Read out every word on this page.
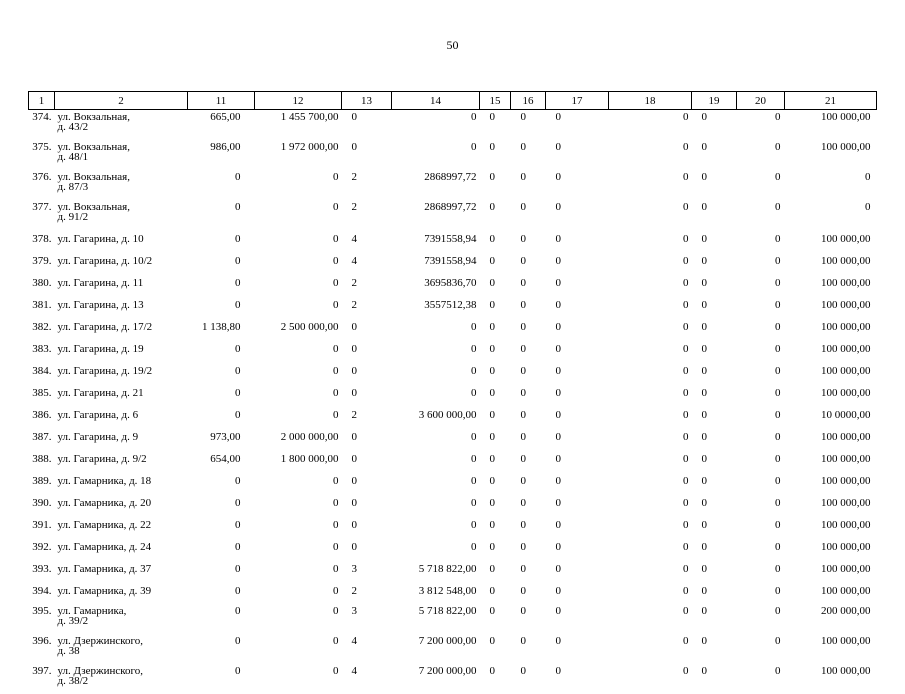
50
1	2	11	12	13	14	15	16	17	18	19	20	21
374.	ул. Вокзальная,
д. 43/2	665,00	1 455 700,00	0	0	0	0	0	0	0	0	100 000,00
375.	ул. Вокзальная,
д. 48/1	986,00	1 972 000,00	0	0	0	0	0	0	0	0	100 000,00
376.	ул. Вокзальная,
д. 87/3	0	0	2	2868997,72	0	0	0	0	0	0	0
377.	ул. Вокзальная,
д. 91/2	0	0	2	2868997,72	0	0	0	0	0	0	0
378.	ул. Гагарина, д. 10	0	0	4	7391558,94	0	0	0	0	0	0	100 000,00
379.	ул. Гагарина, д. 10/2	0	0	4	7391558,94	0	0	0	0	0	0	100 000,00
380.	ул. Гагарина, д. 11	0	0	2	3695836,70	0	0	0	0	0	0	100 000,00
381.	ул. Гагарина, д. 13	0	0	2	3557512,38	0	0	0	0	0	0	100 000,00
382.	ул. Гагарина, д. 17/2	1 138,80	2 500 000,00	0	0	0	0	0	0	0	0	100 000,00
383.	ул. Гагарина, д. 19	0	0	0	0	0	0	0	0	0	0	100 000,00
384.	ул. Гагарина, д. 19/2	0	0	0	0	0	0	0	0	0	0	100 000,00
385.	ул. Гагарина, д. 21	0	0	0	0	0	0	0	0	0	0	100 000,00
386.	ул. Гагарина, д. 6	0	0	2	3 600 000,00	0	0	0	0	0	0	10 0000,00
387.	ул. Гагарина, д. 9	973,00	2 000 000,00	0	0	0	0	0	0	0	0	100 000,00
388.	ул. Гагарина, д. 9/2	654,00	1 800 000,00	0	0	0	0	0	0	0	0	100 000,00
389.	ул. Гамарника, д. 18	0	0	0	0	0	0	0	0	0	0	100 000,00
390.	ул. Гамарника, д. 20	0	0	0	0	0	0	0	0	0	0	100 000,00
391.	ул. Гамарника, д. 22	0	0	0	0	0	0	0	0	0	0	100 000,00
392.	ул. Гамарника, д. 24	0	0	0	0	0	0	0	0	0	0	100 000,00
393.	ул. Гамарника, д. 37	0	0	3	5 718 822,00	0	0	0	0	0	0	100 000,00
394.	ул. Гамарника, д. 39	0	0	2	3 812 548,00	0	0	0	0	0	0	100 000,00
395.	ул. Гамарника,
д. 39/2	0	0	3	5 718 822,00	0	0	0	0	0	0	200 000,00
396.	ул. Дзержинского,
д. 38	0	0	4	7 200 000,00	0	0	0	0	0	0	100 000,00
397.	ул. Дзержинского,
д. 38/2	0	0	4	7 200 000,00	0	0	0	0	0	0	100 000,00
